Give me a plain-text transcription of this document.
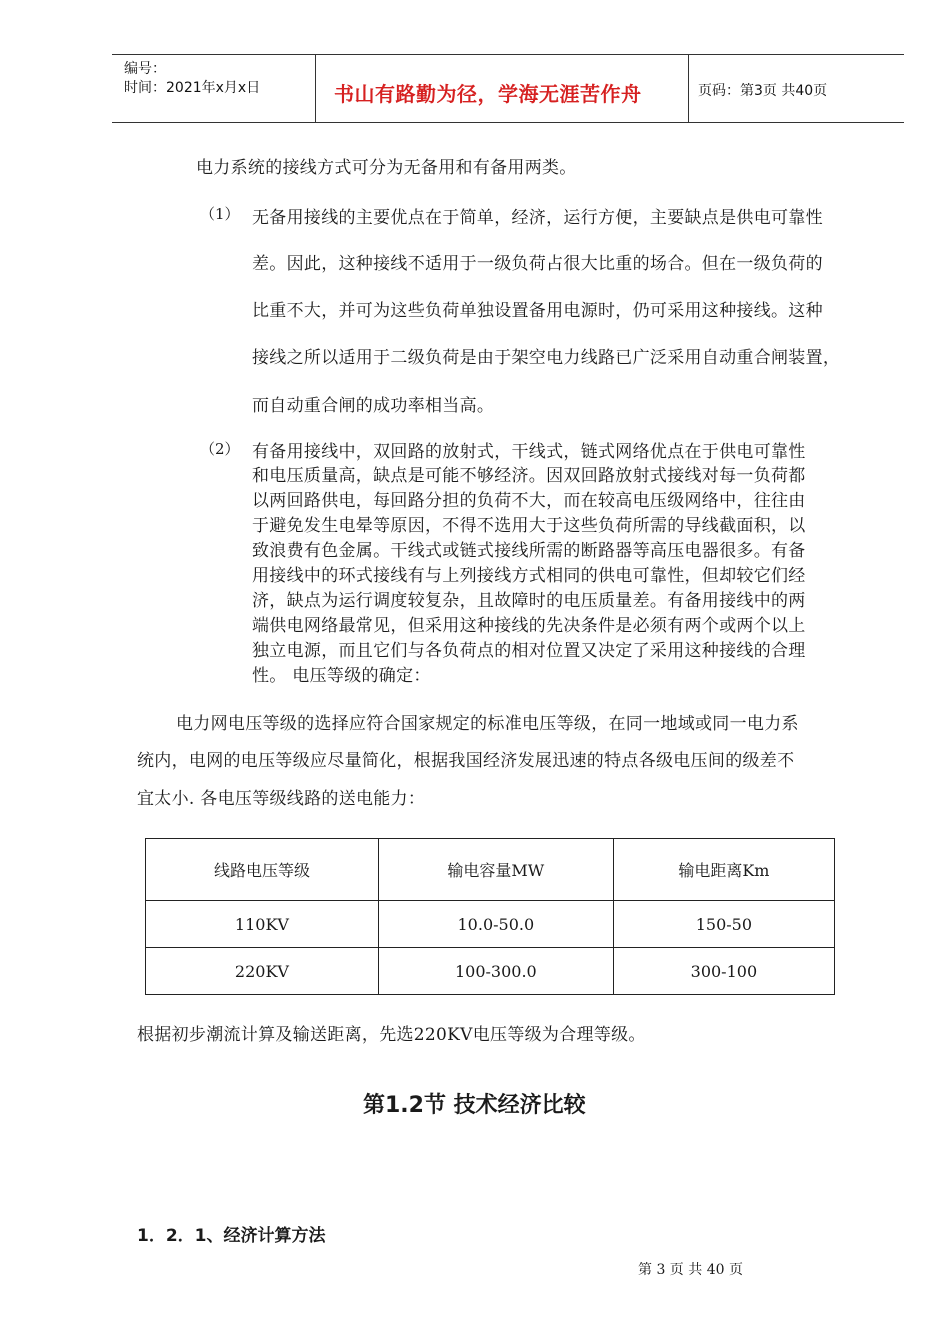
编号：
时间：2021年x月x日	书山有路勤为径，学海无涯苦作舟	页码：第3页 共40页
电力系统的接线方式可分为无备用和有备用两类。
（1） 无备用接线的主要优点在于简单，经济，运行方便，主要缺点是供电可靠性
差。因此，这种接线不适用于一级负荷占很大比重的场合。但在一级负荷的
比重不大，并可为这些负荷单独设置备用电源时，仍可采用这种接线。这种
接线之所以适用于二级负荷是由于架空电力线路已广泛采用自动重合闸装置，
而自动重合闸的成功率相当高。
（2） 有备用接线中，双回路的放射式，干线式，链式网络优点在于供电可靠性
和电压质量高，缺点是可能不够经济。因双回路放射式接线对每一负荷都
以两回路供电，每回路分担的负荷不大，而在较高电压级网络中，往往由
于避免发生电晕等原因，不得不选用大于这些负荷所需的导线截面积，以
致浪费有色金属。干线式或链式接线所需的断路器等高压电器很多。有备
用接线中的环式接线有与上列接线方式相同的供电可靠性，但却较它们经
济，缺点为运行调度较复杂，且故障时的电压质量差。有备用接线中的两
端供电网络最常见，但采用这种接线的先决条件是必须有两个或两个以上
独立电源，而且它们与各负荷点的相对位置又决定了采用这种接线的合理
性。 电压等级的确定：
电力网电压等级的选择应符合国家规定的标准电压等级，在同一地域或同一电力系
统内，电网的电压等级应尽量简化，根据我国经济发展迅速的特点各级电压间的级差不
宜太小. 各电压等级线路的送电能力：
线路电压等级	输电容量MW	输电距离Km
110KV	10.0-50.0	150-50
220KV	100-300.0	300-100
根据初步潮流计算及输送距离，先选220KV电压等级为合理等级。
第1.2节 技术经济比较
1．2．1、经济计算方法
第 3 页 共 40 页
